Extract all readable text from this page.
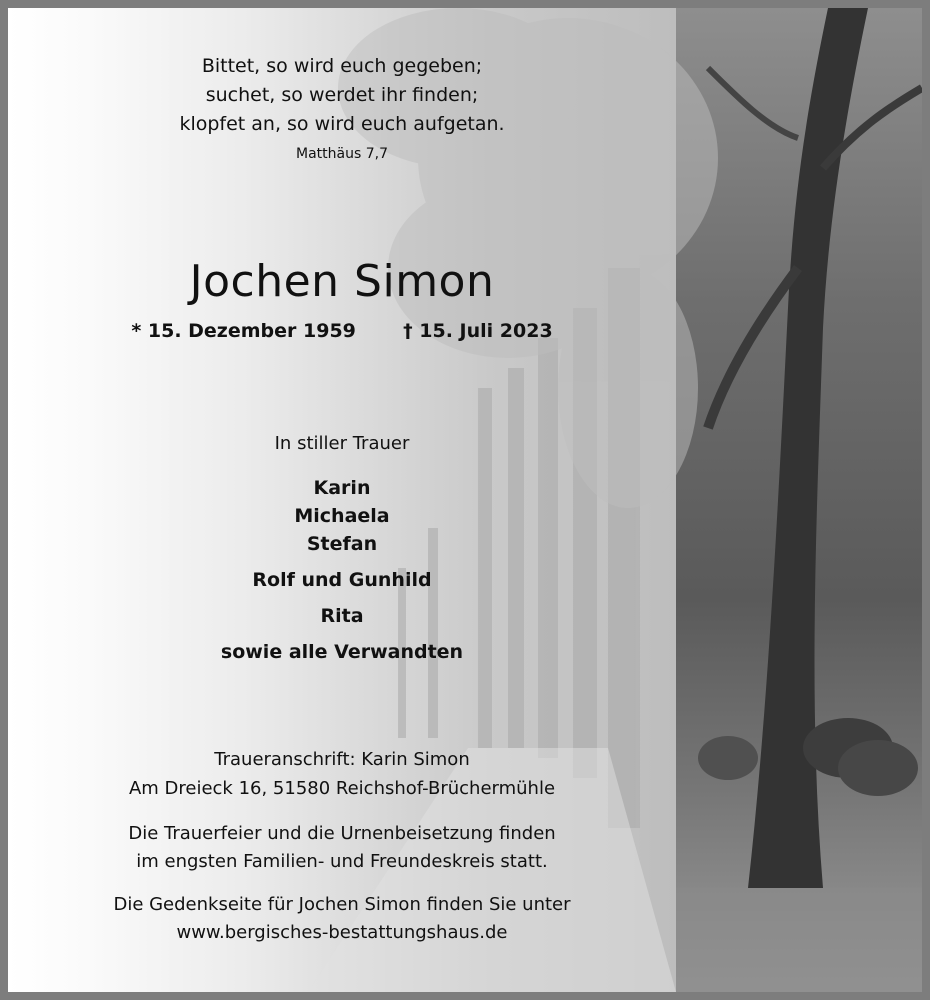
Bittet, so wird euch gegeben;
suchet, so werdet ihr finden;
klopfet an, so wird euch aufgetan.
Matthäus 7,7
Jochen Simon
* 15. Dezember 1959 † 15. Juli 2023
In stiller Trauer
Karin
Michaela
Stefan
Rolf und Gunhild
Rita
sowie alle Verwandten
Traueranschrift: Karin Simon
Am Dreieck 16, 51580 Reichshof-Brüchermühle
Die Trauerfeier und die Urnenbeisetzung finden
im engsten Familien- und Freundeskreis statt.
Die Gedenkseite für Jochen Simon finden Sie unter
www.bergisches-bestattungshaus.de
